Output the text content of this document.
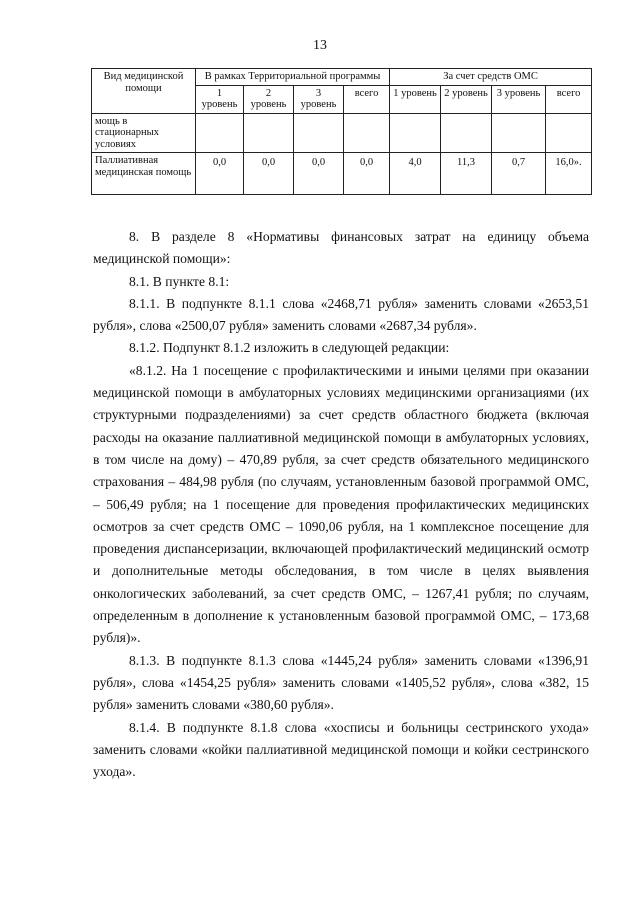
13
Вид медицинской помощи	В рамках Территориальной программы				За счет средств ОМС			
	1 уровень	2 уровень	3 уровень	всего	1 уровень	2 уровень	3 уровень	всего
мощь в стационарных условиях								
Паллиативная медицинская помощь	0,0	0,0	0,0	0,0	4,0	11,3	0,7	16,0».

8. В разделе 8 «Нормативы финансовых затрат на единицу объема медицинской помощи»:

8.1. В пункте 8.1:

8.1.1. В подпункте 8.1.1 слова «2468,71 рубля» заменить словами «2653,51 рубля», слова «2500,07 рубля» заменить словами «2687,34 рубля».

8.1.2. Подпункт 8.1.2 изложить в следующей редакции:

«8.1.2. На 1 посещение с профилактическими и иными целями при оказании медицинской помощи в амбулаторных условиях медицинскими организациями (их структурными подразделениями) за счет средств областного бюджета (включая расходы на оказание паллиативной медицинской помощи в амбулаторных условиях, в том числе на дому) – 470,89 рубля, за счет средств обязательного медицинского страхования – 484,98 рубля (по случаям, установленным базовой программой ОМС, – 506,49 рубля; на 1 посещение для проведения профилактических медицинских осмотров за счет средств ОМС – 1090,06 рубля, на 1 комплексное посещение для проведения диспансеризации, включающей профилактический медицинский осмотр и дополнительные методы обследования, в том числе в целях выявления онкологических заболеваний, за счет средств ОМС, – 1267,41 рубля; по случаям, определенным в дополнение к установленным базовой программой ОМС, – 173,68 рубля)».

8.1.3. В подпункте 8.1.3 слова «1445,24 рубля» заменить словами «1396,91 рубля», слова «1454,25 рубля» заменить словами «1405,52 рубля», слова «382, 15 рубля» заменить словами «380,60 рубля».

8.1.4. В подпункте 8.1.8 слова «хосписы и больницы сестринского ухода» заменить словами «койки паллиативной медицинской помощи и койки сестринского ухода».
